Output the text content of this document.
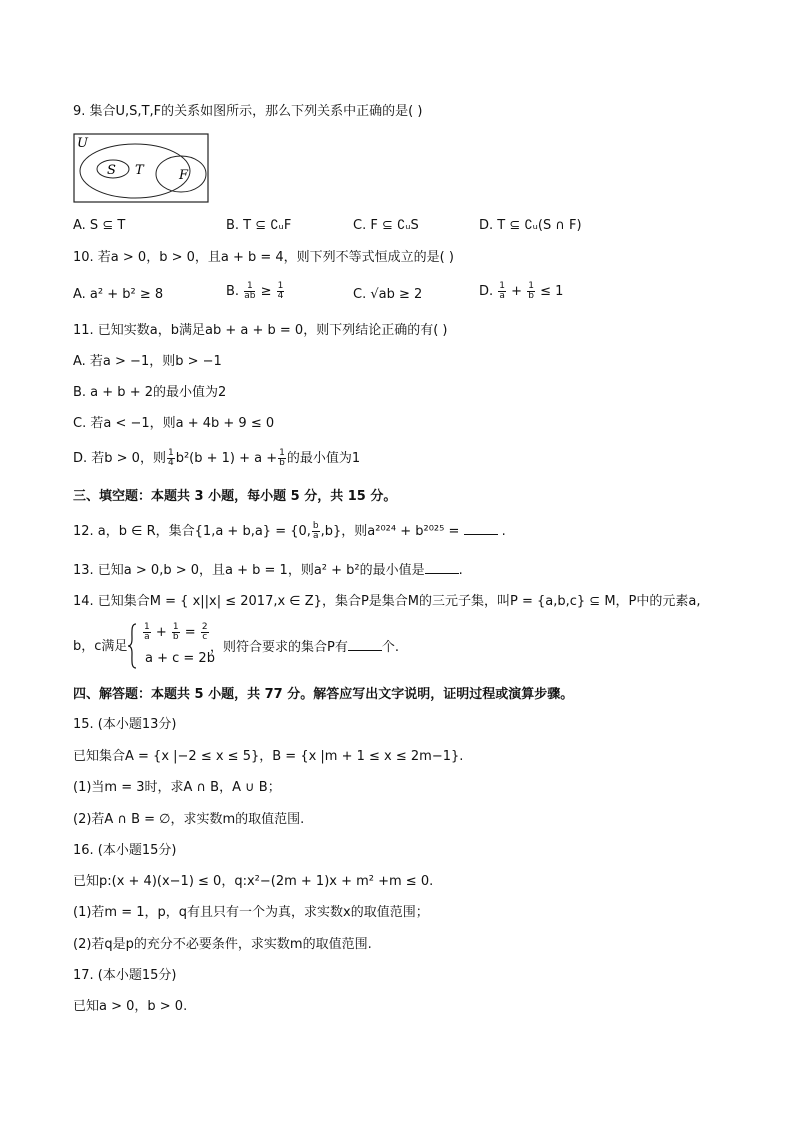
9. 集合U,S,T,F的关系如图所示，那么下列关系中正确的是( )
U
S T	F
A. S ⊆ T	B. T ⊆ ∁ᵤF	C. F ⊆ ∁ᵤS	D. T ⊆ ∁ᵤ(S ∩ F)
10. 若a > 0，b > 0，且a + b = 4，则下列不等式恒成立的是( )
A. a² + b² ≥ 8	B. $\frac{1}{ab} \ge \frac{1}{4}$	C. √ab ≥ 2	D. $\frac{1}{a} + \frac{1}{b} \le 1$
11. 已知实数a，b满足ab + a + b = 0，则下列结论正确的有( )
A. 若a > −1，则b > −1
B. a + b + 2的最小值为2
C. 若a < −1，则a + 4b + 9 ≤ 0
D. 若b > 0，则 $\frac{1}{4} b^2(b + 1) + a + \frac{1}{b}$ 的最小值为1
三、填空题：本题共 3 小题，每小题 5 分，共 15 分。
12. a，b ∈ R，集合{1,a + b,a} = {0, $\frac{b}{a} ,b$}，则a²⁰²⁴ + b²⁰²⁵ =	.
13. 已知a > 0,b > 0，且a + b = 1，则a² + b²的最小值是	.
14. 已知集合M = { x||x| ≤ 2017,x ∈ Z}，集合P是集合M的三元子集，叫P = {a,b,c} ⊆ M，P中的元素a,
b，c满足
$\frac{1}{a} + \frac{1}{b} = \frac{2}{c}$
a + c = 2b
，则符合要求的集合P有	个.
四、解答题：本题共 5 小题，共 77 分。解答应写出文字说明，证明过程或演算步骤。
15. (本小题13分)
已知集合A = {x |−2 ≤ x ≤ 5}，B = {x |m + 1 ≤ x ≤ 2m−1}.
(1)当m = 3时，求A ∩ B，A ∪ B；
(2)若A ∩ B = ∅，求实数m的取值范围.
16. (本小题15分)
已知p:(x + 4)(x−1) ≤ 0，q:x²−(2m + 1)x + m² +m ≤ 0.
(1)若m = 1，p，q有且只有一个为真，求实数x的取值范围；
(2)若q是p的充分不必要条件，求实数m的取值范围.
17. (本小题15分)
已知a > 0，b > 0.
